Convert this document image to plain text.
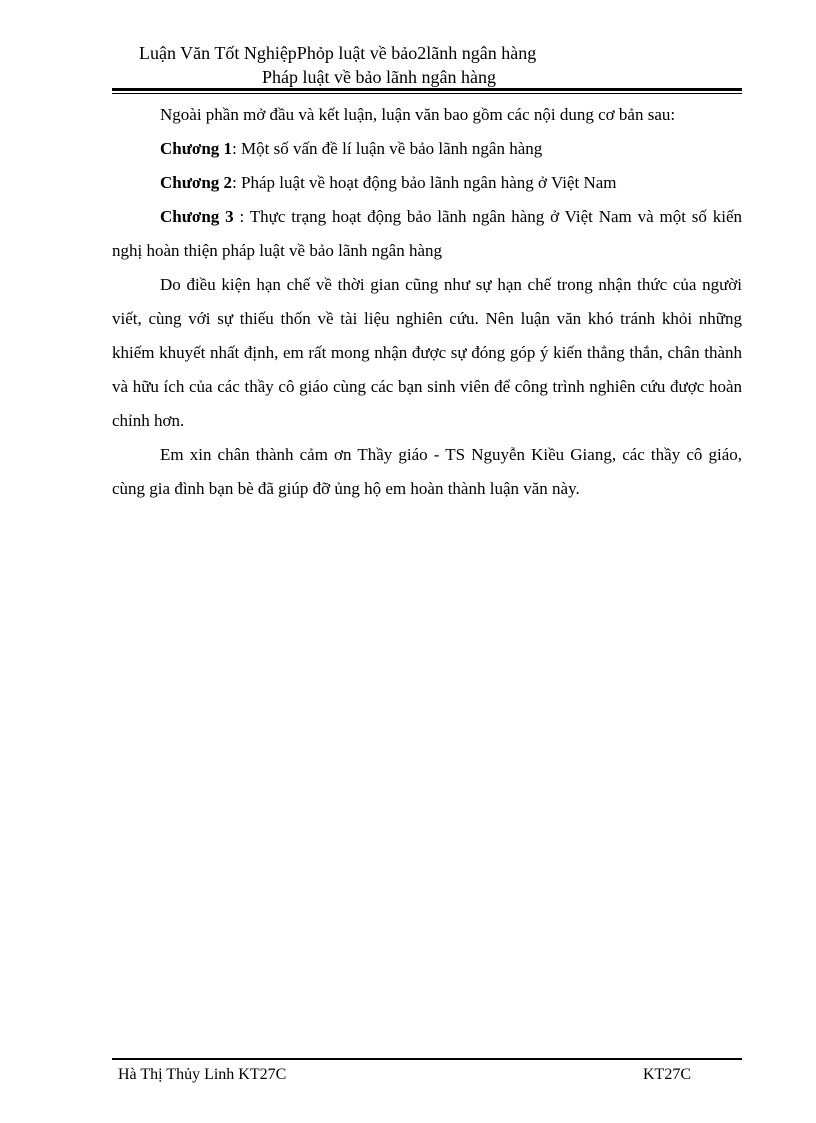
Luận Văn Tốt NghiệpPhỏp luật về bảo2lãnh ngân hàng
Pháp luật về bảo lãnh ngân hàng

Ngoài phần mở đầu và kết luận, luận văn bao gồm các nội dung cơ bản sau:

Chương 1: Một số vấn đề lí luận về bảo lãnh ngân hàng

Chương 2: Pháp luật về hoạt động bảo lãnh ngân hàng ở Việt Nam

Chương 3 : Thực trạng hoạt động bảo lãnh ngân hàng ở Việt Nam và một số kiến nghị hoàn thiện pháp luật về bảo lãnh ngân hàng

Do điều kiện hạn chế về thời gian cũng như sự hạn chế trong nhận thức của người viết, cùng với sự thiếu thốn về tài liệu nghiên cứu. Nên luận văn khó tránh khỏi những khiếm khuyết nhất định, em rất mong nhận được sự đóng góp ý kiến thẳng thắn, chân thành và hữu ích của các thầy cô giáo cùng các bạn sinh viên để công trình nghiên cứu được hoàn chỉnh hơn.

Em xin chân thành cảm ơn Thầy giáo - TS Nguyễn Kiều Giang, các thầy cô giáo, cùng gia đình bạn bè đã giúp đỡ ủng hộ em hoàn thành luận văn này.

Hà Thị Thủy Linh KT27C	KT27C
